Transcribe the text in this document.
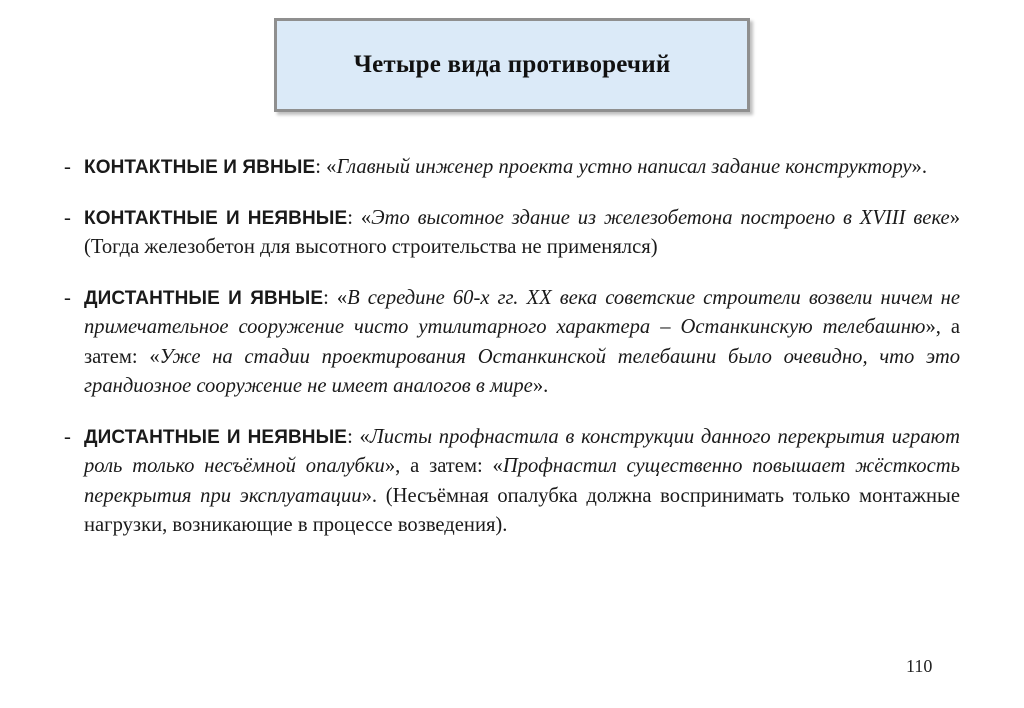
Четыре вида противоречий

- КОНТАКТНЫЕ И ЯВНЫЕ: «Главный инженер проекта устно написал задание конструктору».

- КОНТАКТНЫЕ И НЕЯВНЫЕ: «Это высотное здание из железобетона построено в XVIII веке» (Тогда железобетон для высотного строительства не применялся)

- ДИСТАНТНЫЕ И ЯВНЫЕ: «В середине 60-х гг. XX века советские строители возвели ничем не примечательное сооружение чисто утилитарного характера – Останкинскую телебашню», а затем: «Уже на стадии проектирования Останкинской телебашни было очевидно, что это грандиозное сооружение не имеет аналогов в мире».

- ДИСТАНТНЫЕ И НЕЯВНЫЕ: «Листы профнастила в конструкции данного перекрытия играют роль только несъёмной опалубки», а затем: «Профнастил существенно повышает жёсткость перекрытия при эксплуатации». (Несъёмная опалубка должна воспринимать только монтажные нагрузки, возникающие в процессе возведения).

110
